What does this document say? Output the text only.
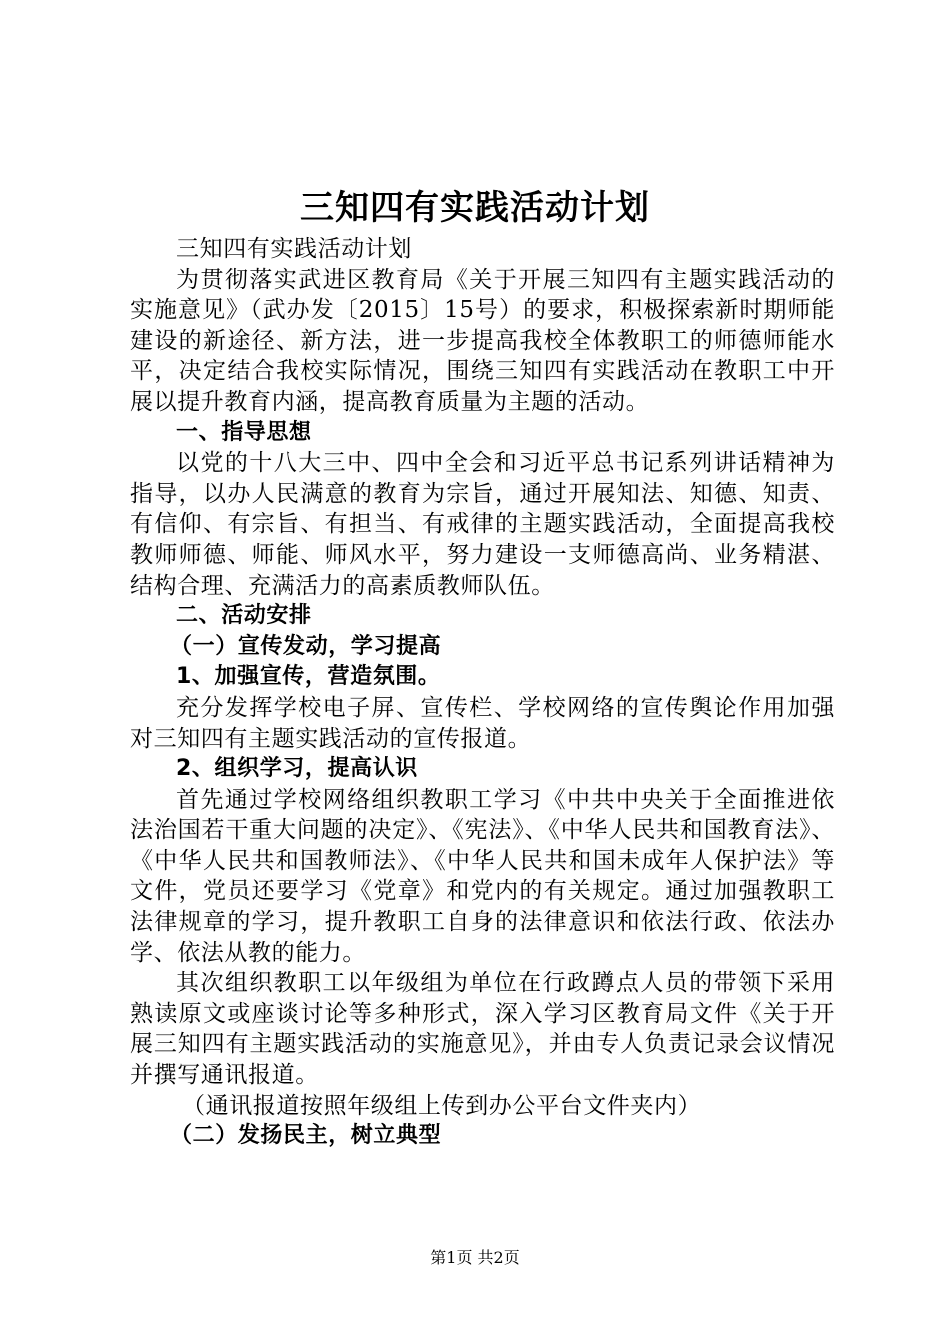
三知四有实践活动计划

三知四有实践活动计划

为贯彻落实武进区教育局《关于开展三知四有主题实践活动的实施意见》（武办发〔2015〕15号）的要求，积极探索新时期师能建设的新途径、新方法，进一步提高我校全体教职工的师德师能水平，决定结合我校实际情况，围绕三知四有实践活动在教职工中开展以提升教育内涵，提高教育质量为主题的活动。

一、指导思想

以党的十八大三中、四中全会和习近平总书记系列讲话精神为指导，以办人民满意的教育为宗旨，通过开展知法、知德、知责、有信仰、有宗旨、有担当、有戒律的主题实践活动，全面提高我校教师师德、师能、师风水平，努力建设一支师德高尚、业务精湛、结构合理、充满活力的高素质教师队伍。

二、活动安排

（一）宣传发动，学习提高

1、加强宣传，营造氛围。

充分发挥学校电子屏、宣传栏、学校网络的宣传舆论作用加强对三知四有主题实践活动的宣传报道。

2、组织学习，提高认识

首先通过学校网络组织教职工学习《中共中央关于全面推进依法治国若干重大问题的决定》、《宪法》、《中华人民共和国教育法》、《中华人民共和国教师法》、《中华人民共和国未成年人保护法》等文件，党员还要学习《党章》和党内的有关规定。通过加强教职工法律规章的学习，提升教职工自身的法律意识和依法行政、依法办学、依法从教的能力。

其次组织教职工以年级组为单位在行政蹲点人员的带领下采用熟读原文或座谈讨论等多种形式，深入学习区教育局文件《关于开展三知四有主题实践活动的实施意见》，并由专人负责记录会议情况并撰写通讯报道。

（通讯报道按照年级组上传到办公平台文件夹内）

（二）发扬民主，树立典型

第1页 共2页
